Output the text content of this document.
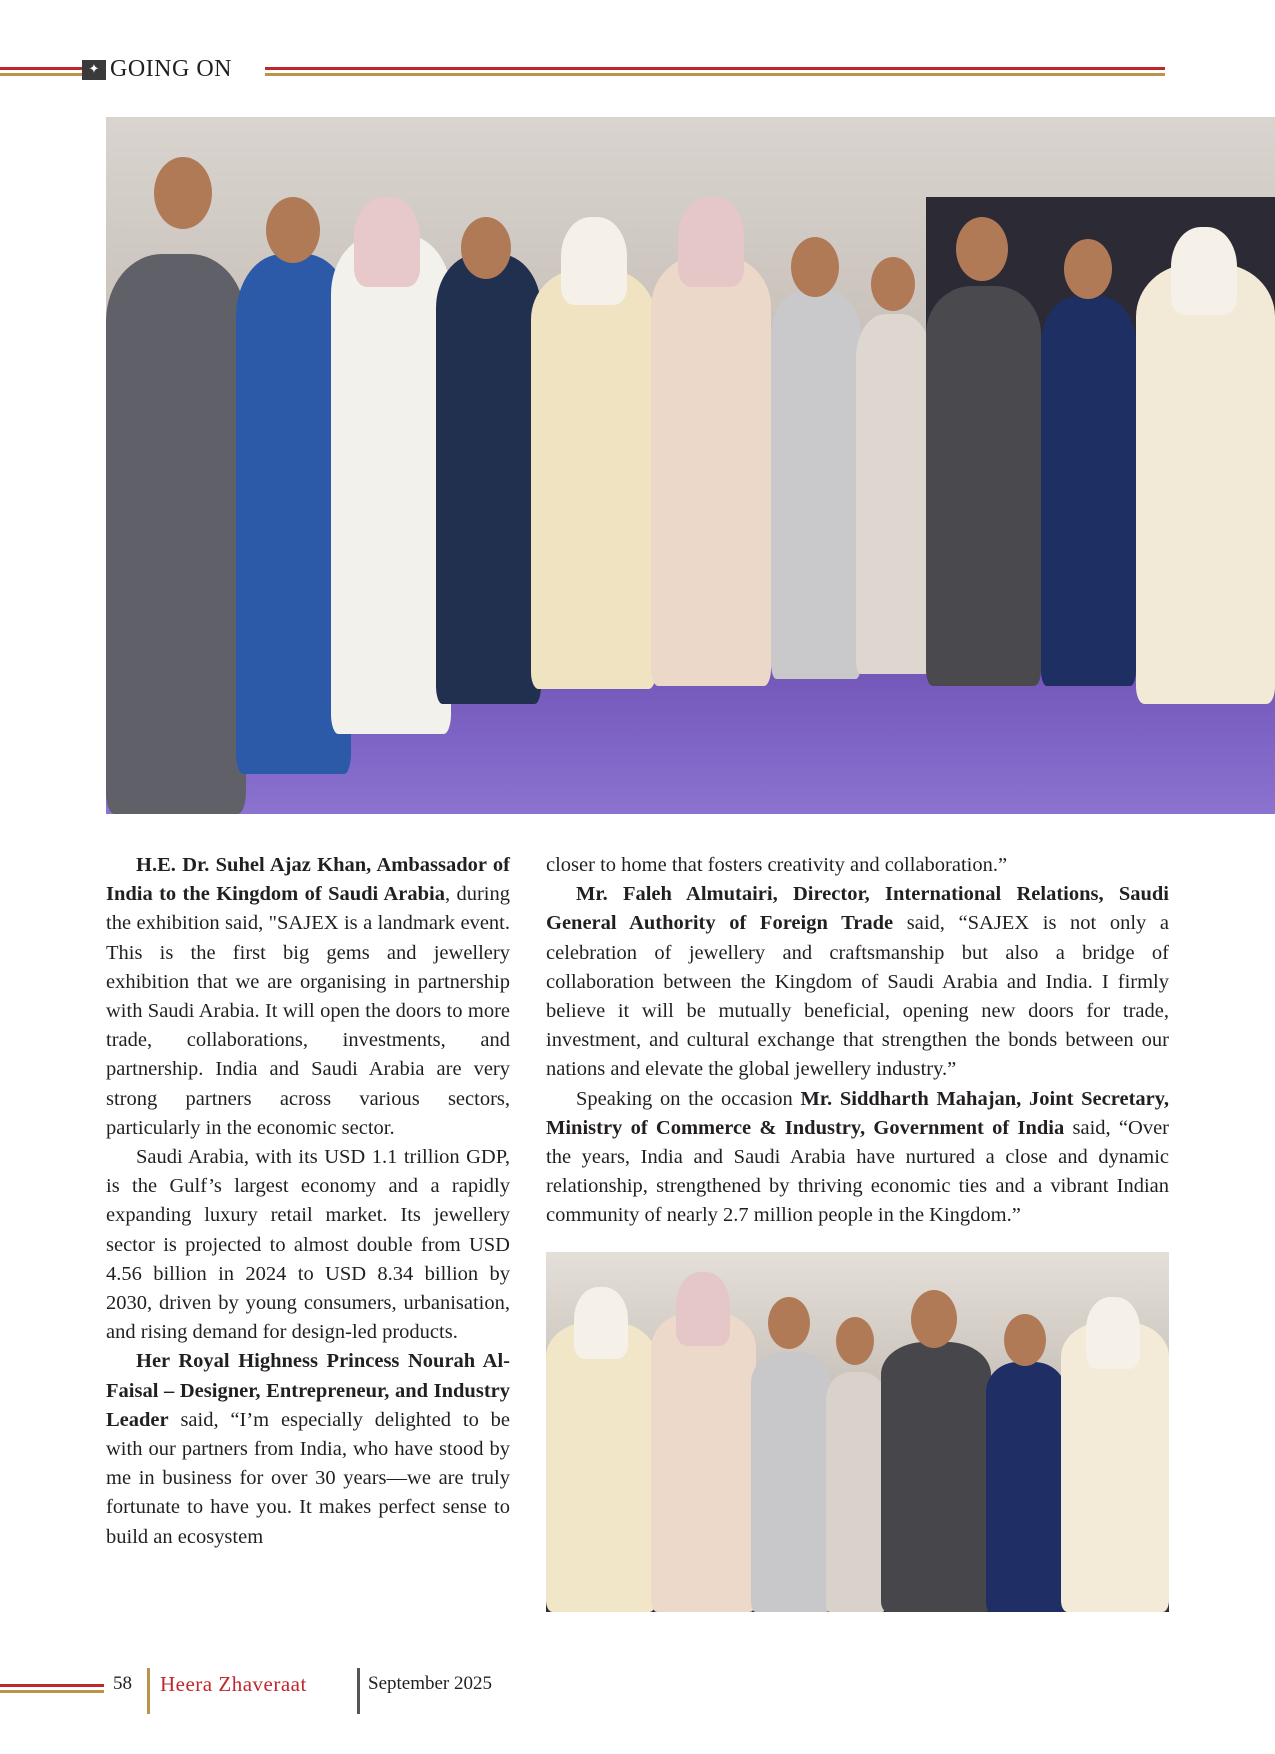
✦ GOING ON

H.E. Dr. Suhel Ajaz Khan, Ambassador of India to the Kingdom of Saudi Arabia, during the exhibition said, "SAJEX is a landmark event. This is the first big gems and jewellery exhibition that we are organising in partnership with Saudi Arabia. It will open the doors to more trade, collaborations, investments, and partnership. India and Saudi Arabia are very strong partners across various sectors, particularly in the economic sector.

Saudi Arabia, with its USD 1.1 trillion GDP, is the Gulf’s largest economy and a rapidly expanding luxury retail market. Its jewellery sector is projected to almost double from USD 4.56 billion in 2024 to USD 8.34 billion by 2030, driven by young consumers, urbanisation, and rising demand for design-led products.

Her Royal Highness Princess Nourah Al-Faisal – Designer, Entrepreneur, and Industry Leader said, “I’m especially delighted to be with our partners from India, who have stood by me in business for over 30 years—we are truly fortunate to have you. It makes perfect sense to build an ecosystem

closer to home that fosters creativity and collaboration.”

Mr. Faleh Almutairi, Director, International Relations, Saudi General Authority of Foreign Trade said, “SAJEX is not only a celebration of jewellery and craftsmanship but also a bridge of collaboration between the Kingdom of Saudi Arabia and India. I firmly believe it will be mutually beneficial, opening new doors for trade, investment, and cultural exchange that strengthen the bonds between our nations and elevate the global jewellery industry.”

Speaking on the occasion Mr. Siddharth Mahajan, Joint Secretary, Ministry of Commerce & Industry, Government of India said, “Over the years, India and Saudi Arabia have nurtured a close and dynamic relationship, strengthened by thriving economic ties and a vibrant Indian community of nearly 2.7 million people in the Kingdom.”

58 Heera Zhaveraat	September 2025
